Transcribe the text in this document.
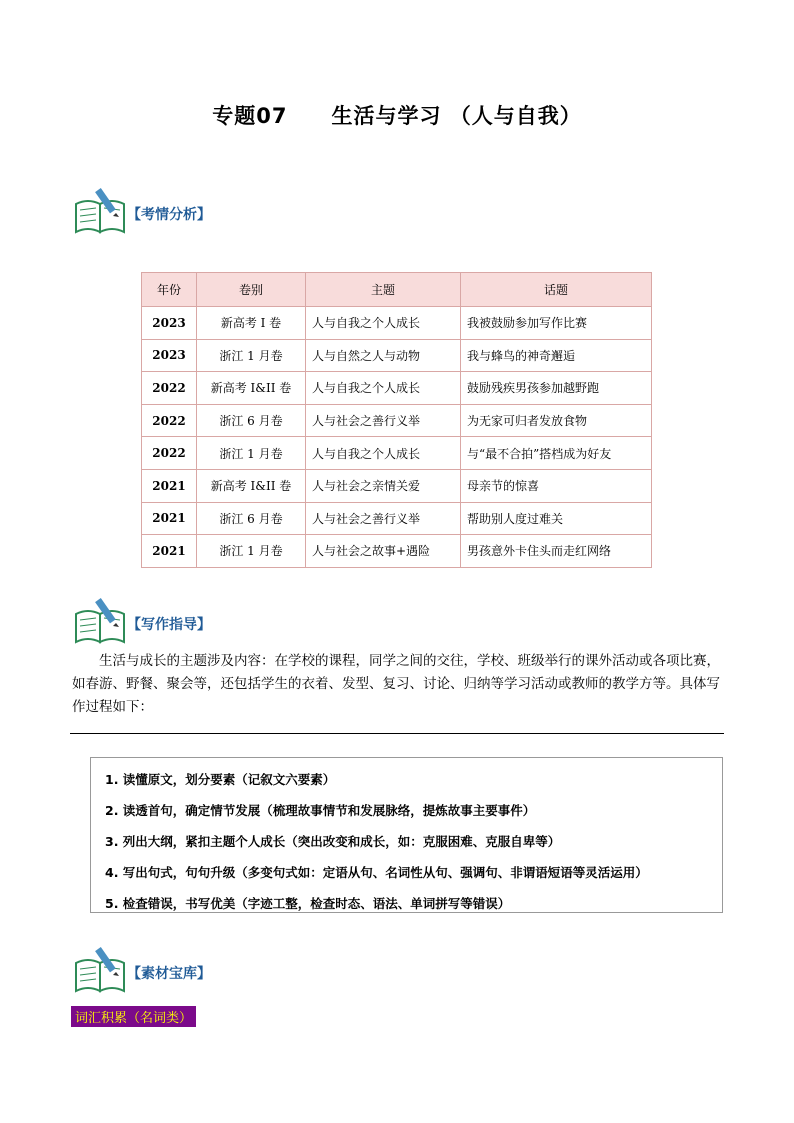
专题07 生活与学习 （人与自我）
【考情分析】
年份	卷别	主题	话题
2023	新高考 I 卷	人与自我之个人成长	我被鼓励参加写作比赛
2023	浙江 1 月卷	人与自然之人与动物	我与蜂鸟的神奇邂逅
2022	新高考 I&II 卷	人与自我之个人成长	鼓励残疾男孩参加越野跑
2022	浙江 6 月卷	人与社会之善行义举	为无家可归者发放食物
2022	浙江 1 月卷	人与自我之个人成长	与“最不合拍”搭档成为好友
2021	新高考 I&II 卷	人与社会之亲情关爱	母亲节的惊喜
2021	浙江 6 月卷	人与社会之善行义举	帮助别人度过难关
2021	浙江 1 月卷	人与社会之故事+遇险	男孩意外卡住头而走红网络
【写作指导】
生活与成长的主题涉及内容：在学校的课程，同学之间的交往，学校、班级举行的课外活动或各项比赛，如春游、野餐、聚会等，还包括学生的衣着、发型、复习、讨论、归纳等学习活动或教师的教学方等。具体写作过程如下：
1. 读懂原文，划分要素（记叙文六要素）
2. 读透首句，确定情节发展（梳理故事情节和发展脉络，提炼故事主要事件）
3. 列出大纲，紧扣主题个人成长（突出改变和成长，如：克服困难、克服自卑等）
4. 写出句式，句句升级（多变句式如：定语从句、名词性从句、强调句、非谓语短语等灵活运用）
5. 检查错误，书写优美（字迹工整，检查时态、语法、单词拼写等错误）
【素材宝库】
词汇积累（名词类）
